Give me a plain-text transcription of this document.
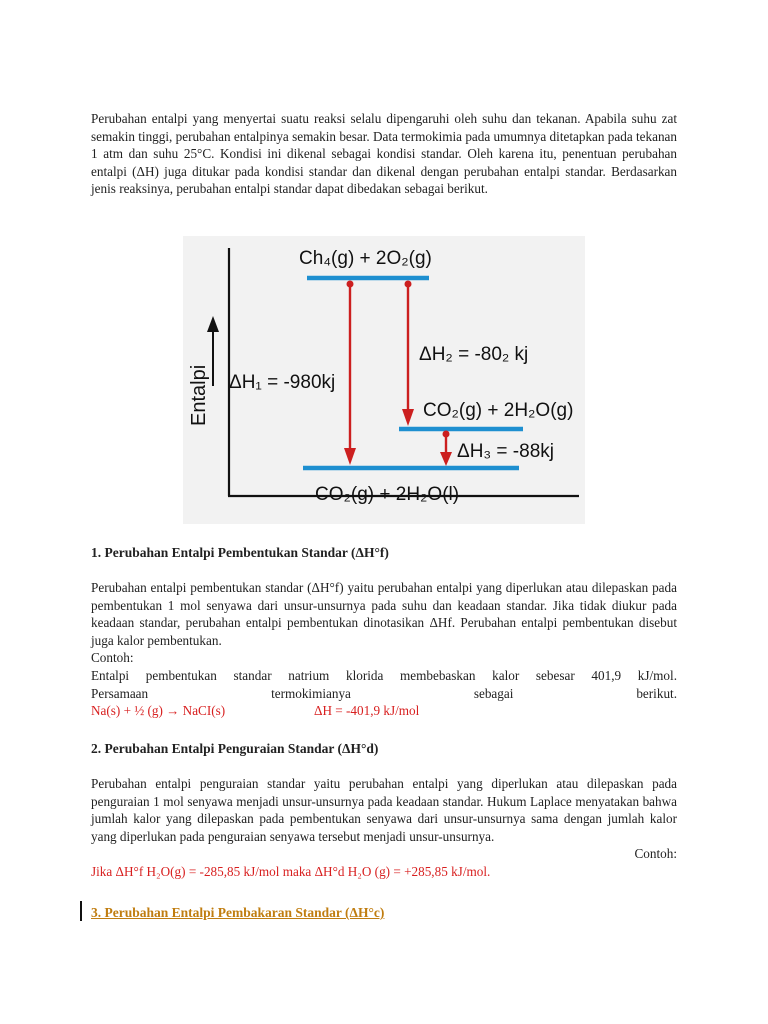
Perubahan entalpi yang menyertai suatu reaksi selalu dipengaruhi oleh suhu dan tekanan. Apabila suhu zat semakin tinggi, perubahan entalpinya semakin besar. Data termokimia pada umumnya ditetapkan pada tekanan 1 atm dan suhu 25°C. Kondisi ini dikenal sebagai kondisi standar. Oleh karena itu, penentuan perubahan entalpi (ΔH) juga ditukar pada kondisi standar dan dikenal dengan perubahan entalpi standar. Berdasarkan jenis reaksinya, perubahan entalpi standar dapat dibedakan sebagai berikut.

Entalpi
Ch₄(g) + 2O₂(g)
ΔH₁ = -980kj
ΔH₂ = -80₂ kj
CO₂(g) + 2H₂O(g)
ΔH₃ = -88kj
CO₂(g) + 2H₂O(l)

1. Perubahan Entalpi Pembentukan Standar (ΔH°f)

Perubahan entalpi pembentukan standar (ΔH°f) yaitu perubahan entalpi yang diperlukan atau dilepaskan pada pembentukan 1 mol senyawa dari unsur-unsurnya pada suhu dan keadaan standar. Jika tidak diukur pada keadaan standar, perubahan entalpi pembentukan dinotasikan ΔHf. Perubahan entalpi pembentukan disebut juga kalor pembentukan.

Contoh:

Entalpi pembentukan standar natrium klorida membebaskan kalor sebesar 401,9 kJ/mol.

Persamaan termokimianya sebagai berikut.

Na(s) + ½ (g) → NaCI(s)	ΔH = -401,9 kJ/mol

2. Perubahan Entalpi Penguraian Standar (ΔH°d)

Perubahan entalpi penguraian standar yaitu perubahan entalpi yang diperlukan atau dilepaskan pada penguraian 1 mol senyawa menjadi unsur-unsurnya pada keadaan standar. Hukum Laplace menyatakan bahwa jumlah kalor yang dilepaskan pada pembentukan senyawa dari unsur-unsurnya sama dengan jumlah kalor yang diperlukan pada penguraian senyawa tersebut menjadi unsur-unsurnya.

Contoh:

Jika ΔH°f H₂O(g) = -285,85 kJ/mol maka ΔH°d H₂O (g) = +285,85 kJ/mol.

3. Perubahan Entalpi Pembakaran Standar (ΔH°c)
